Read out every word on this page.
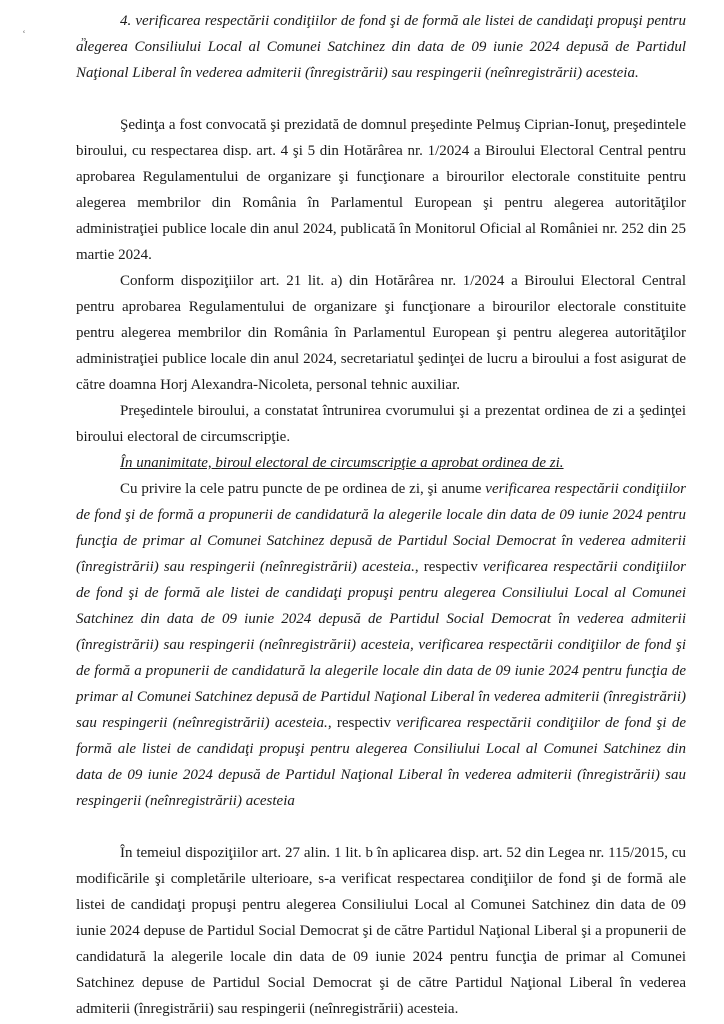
ʿ „

4. verificarea respectării condiţiilor de fond şi de formă ale listei de candidaţi propuşi pentru alegerea Consiliului Local al Comunei Satchinez din data de 09 iunie 2024 depusă de Partidul Naţional Liberal în vederea admiterii (înregistrării) sau respingerii (neînregistrării) acesteia.

Şedinţa a fost convocată şi prezidată de domnul preşedinte Pelmuş Ciprian-Ionuţ, preşedintele biroului, cu respectarea disp. art. 4 şi 5 din Hotărârea nr. 1/2024 a Biroului Electoral Central pentru aprobarea Regulamentului de organizare şi funcţionare a birourilor electorale constituite pentru alegerea membrilor din România în Parlamentul European şi pentru alegerea autorităţilor administraţiei publice locale din anul 2024, publicată în Monitorul Oficial al României nr. 252 din 25 martie 2024.

Conform dispoziţiilor art. 21 lit. a) din Hotărârea nr. 1/2024 a Biroului Electoral Central pentru aprobarea Regulamentului de organizare şi funcţionare a birourilor electorale constituite pentru alegerea membrilor din România în Parlamentul European şi pentru alegerea autorităţilor administraţiei publice locale din anul 2024, secretariatul şedinţei de lucru a biroului a fost asigurat de către doamna Horj Alexandra-Nicoleta, personal tehnic auxiliar.

Preşedintele biroului, a constatat întrunirea cvorumului şi a prezentat ordinea de zi a şedinţei biroului electoral de circumscripţie.

În unanimitate, biroul electoral de circumscripţie a aprobat ordinea de zi.

Cu privire la cele patru puncte de pe ordinea de zi, şi anume verificarea respectării condiţiilor de fond şi de formă a propunerii de candidatură la alegerile locale din data de 09 iunie 2024 pentru funcţia de primar al Comunei Satchinez depusă de Partidul Social Democrat în vederea admiterii (înregistrării) sau respingerii (neînregistrării) acesteia., respectiv verificarea respectării condiţiilor de fond şi de formă ale listei de candidaţi propuşi pentru alegerea Consiliului Local al Comunei Satchinez din data de 09 iunie 2024 depusă de Partidul Social Democrat în vederea admiterii (înregistrării) sau respingerii (neînregistrării) acesteia, verificarea respectării condiţiilor de fond şi de formă a propunerii de candidatură la alegerile locale din data de 09 iunie 2024 pentru funcţia de primar al Comunei Satchinez depusă de Partidul Naţional Liberal în vederea admiterii (înregistrării) sau respingerii (neînregistrării) acesteia., respectiv verificarea respectării condiţiilor de fond şi de formă ale listei de candidaţi propuşi pentru alegerea Consiliului Local al Comunei Satchinez din data de 09 iunie 2024 depusă de Partidul Naţional Liberal în vederea admiterii (înregistrării) sau respingerii (neînregistrării) acesteia

În temeiul dispoziţiilor art. 27 alin. 1 lit. b în aplicarea disp. art. 52 din Legea nr. 115/2015, cu modificările şi completările ulterioare, s-a verificat respectarea condiţiilor de fond şi de formă ale listei de candidaţi propuşi pentru alegerea Consiliului Local al Comunei Satchinez din data de 09 iunie 2024 depuse de Partidul Social Democrat şi de către Partidul Naţional Liberal şi a propunerii de candidatură la alegerile locale din data de 09 iunie 2024 pentru funcţia de primar al Comunei Satchinez depuse de Partidul Social Democrat şi de către Partidul Naţional Liberal în vederea admiterii (înregistrării) sau respingerii (neînregistrării) acesteia.
